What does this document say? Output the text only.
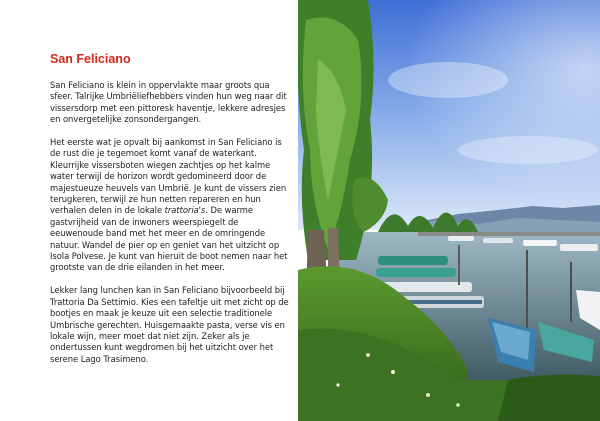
San Feliciano

San Feliciano is klein in oppervlakte maar groots qua sfeer. Talrijke Umbriëliefhebbers vinden hun weg naar dit vissersdorp met een pittoresk haventje, lekkere adresjes en onvergetelijke zonsondergangen.

Het eerste wat je opvalt bij aankomst in San Feliciano is de rust die je tegemoet komt vanaf de waterkant. Kleurrijke vissersboten wiegen zachtjes op het kalme water terwijl de horizon wordt gedomineerd door de majestueuze heuvels van Umbrië. Je kunt de vissers zien terugkeren, terwijl ze hun netten repareren en hun verhalen delen in de lokale trattoria's. De warme gastvrijheid van de inwoners weerspiegelt de eeuwenoude band met het meer en de omringende natuur. Wandel de pier op en geniet van het uitzicht op Isola Polvese. Je kunt van hieruit de boot nemen naar het grootste van de drie eilanden in het meer.

Lekker lang lunchen kan in San Feliciano bijvoorbeeld bij Trattoria Da Settimio. Kies een tafeltje uit met zicht op de bootjes en maak je keuze uit een selectie traditionele Umbrische gerechten. Huisgemaakte pasta, verse vis en lokale wijn, meer moet dat niet zijn. Zeker als je ondertussen kunt wegdromen bij het uitzicht over het serene Lago Trasimeno.
